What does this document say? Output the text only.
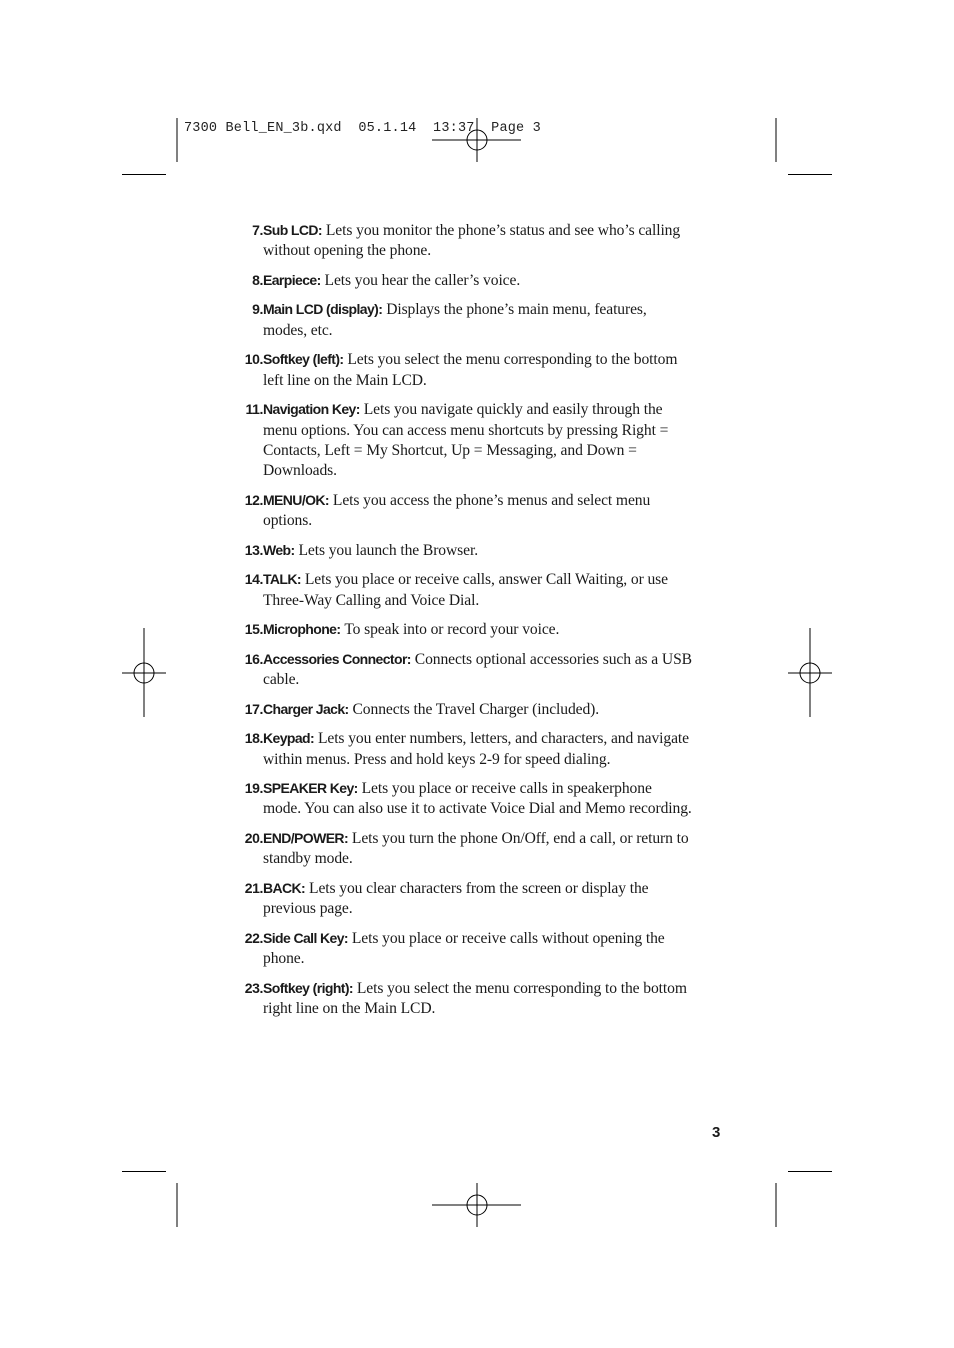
7300 Bell_EN_3b.qxd  05.1.14  13:37  Page 3
7. Sub LCD: Lets you monitor the phone’s status and see who’s calling without opening the phone.
8. Earpiece: Lets you hear the caller’s voice.
9. Main LCD (display): Displays the phone’s main menu, features, modes, etc.
10. Softkey (left): Lets you select the menu corresponding to the bottom left line on the Main LCD.
11. Navigation Key: Lets you navigate quickly and easily through the menu options. You can access menu shortcuts by pressing Right = Contacts, Left = My Shortcut, Up = Messaging, and Down = Downloads.
12. MENU/OK: Lets you access the phone’s menus and select menu options.
13. Web: Lets you launch the Browser.
14. TALK: Lets you place or receive calls, answer Call Waiting, or use Three-Way Calling and Voice Dial.
15. Microphone: To speak into or record your voice.
16. Accessories Connector: Connects optional accessories such as a USB cable.
17. Charger Jack: Connects the Travel Charger (included).
18. Keypad: Lets you enter numbers, letters, and characters, and navigate within menus. Press and hold keys 2-9 for speed dialing.
19. SPEAKER Key: Lets you place or receive calls in speakerphone mode. You can also use it to activate Voice Dial and Memo recording.
20. END/POWER: Lets you turn the phone On/Off, end a call, or return to standby mode.
21. BACK: Lets you clear characters from the screen or display the previous page.
22. Side Call Key: Lets you place or receive calls without opening the phone.
23. Softkey (right): Lets you select the menu corresponding to the bottom right line on the Main LCD.
3
